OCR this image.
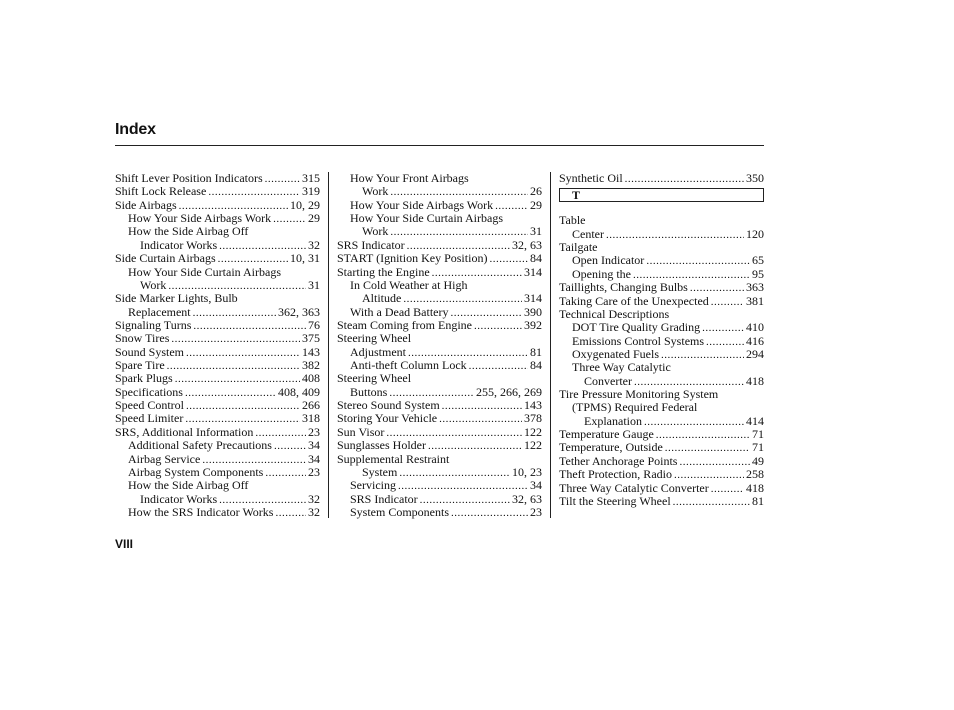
Index
Shift Lever Position Indicators .....	315
Shift Lock Release .....	319
Side Airbags .....	10, 29
How Your Side Airbags Work .....	29
How the Side Airbag Off
Indicator Works .....	32
Side Curtain Airbags .....	10, 31
How Your Side Curtain Airbags
Work .....	31
Side Marker Lights, Bulb
Replacement .....	362, 363
Signaling Turns .....	76
Snow Tires .....	375
Sound System .....	143
Spare Tire .....	382
Spark Plugs .....	408
Specifications .....	408, 409
Speed Control .....	266
Speed Limiter .....	318
SRS, Additional Information .....	23
Additional Safety Precautions .....	34
Airbag Service .....	34
Airbag System Components .....	23
How the Side Airbag Off
Indicator Works .....	32
How the SRS Indicator Works .....	32
How Your Front Airbags
Work .....	26
How Your Side Airbags Work .....	29
How Your Side Curtain Airbags
Work .....	31
SRS Indicator .....	32, 63
START (Ignition Key Position) .....	84
Starting the Engine .....	314
In Cold Weather at High
Altitude .....	314
With a Dead Battery .....	390
Steam Coming from Engine .....	392
Steering Wheel
Adjustment .....	81
Anti-theft Column Lock .....	84
Steering Wheel
Buttons .....	255, 266, 269
Stereo Sound System .....	143
Storing Your Vehicle .....	378
Sun Visor .....	122
Sunglasses Holder .....	122
Supplemental Restraint
System .....	10, 23
Servicing .....	34
SRS Indicator .....	32, 63
System Components .....	23
Synthetic Oil .....	350
T
Table
Center .....	120
Tailgate
Open Indicator .....	65
Opening the .....	95
Taillights, Changing Bulbs .....	363
Taking Care of the Unexpected .....	381
Technical Descriptions
DOT Tire Quality Grading .....	410
Emissions Control Systems .....	416
Oxygenated Fuels .....	294
Three Way Catalytic
Converter .....	418
Tire Pressure Monitoring System
(TPMS) Required Federal
Explanation .....	414
Temperature Gauge .....	71
Temperature, Outside .....	71
Tether Anchorage Points .....	49
Theft Protection, Radio .....	258
Three Way Catalytic Converter .....	418
Tilt the Steering Wheel .....	81
VIII
